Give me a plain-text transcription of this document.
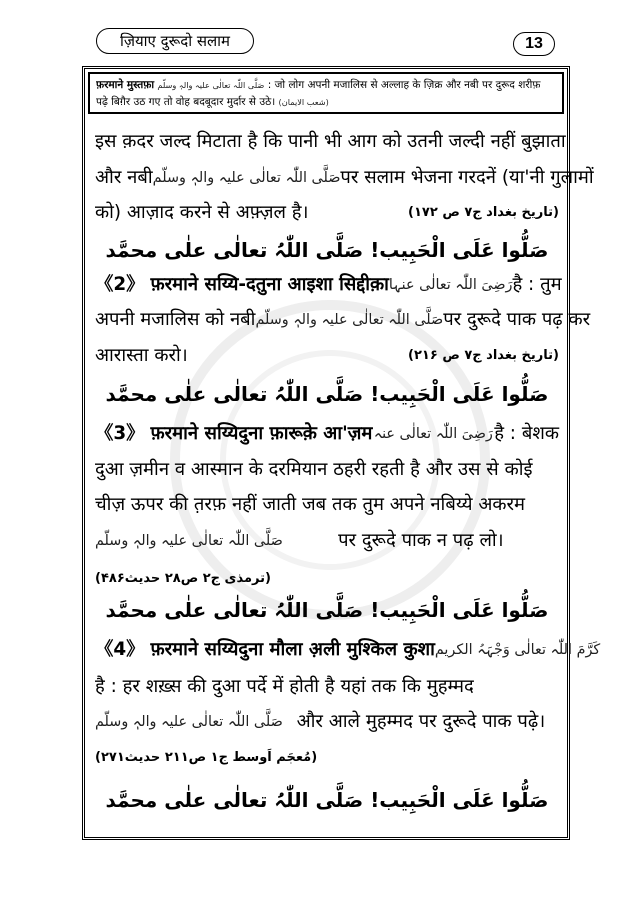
ज़ियाए दुरूदो सलाम	13
फ़रमाने मुस्तफ़ा صَلَّی اللّٰہ تعالٰی علیہ والہٖ وسلّم : जो लोग अपनी मजालिस से अल्लाह के ज़िक्र और नबी पर दुरूद शरीफ़
पढ़े बिग़ैर उठ गए तो वोह बदबूदार मुर्दार से उठे। (شعب الایمان)
इस क़दर जल्द मिटाता है कि पानी भी आग को उतनी जल्दी नहीं बुझाता
और नबी صَلَّی اللّٰہ تعالٰی علیہ والہٖ وسلّم पर सलाम भेजना गरदनें (या'नी गुलामों
को) आज़ाद करने से अफ़्ज़ल है।	(تاریخ بغداد ج۷ ص ۱۷۲)
صَلُّوا عَلَی الْحَبِیب! صَلَّی اللّٰہُ تعالٰی علٰی محمَّد
《2》 फ़रमाने सय्यि-दतुना आइशा सिद्दीक़ा رَضِیَ اللّٰہ تعالٰی عنہا है : तुम
अपनी मजालिस को नबी صَلَّی اللّٰہ تعالٰی علیہ والہٖ وسلّم पर दुरूदे पाक पढ़ कर
आरास्ता करो।	(تاریخ بغداد ج۷ ص ۲۱۶)
صَلُّوا عَلَی الْحَبِیب! صَلَّی اللّٰہُ تعالٰی علٰی محمَّد
《3》 फ़रमाने सय्यिदुना फ़ारूक़े आ'ज़म رَضِیَ اللّٰہ تعالٰی عنہ है : बेशक
दुआ ज़मीन व आस्मान के दरमियान ठहरी रहती है और उस से कोई
चीज़ ऊपर की त़रफ़ नहीं जाती जब तक तुम अपने नबिय्ये अकरम
صَلَّی اللّٰہ تعالٰی علیہ والہٖ وسلّم	पर दुरूदे पाक न पढ़ लो।
(ترمذی ج۲ ص۲۸ حدیث۴۸۶)
صَلُّوا عَلَی الْحَبِیب! صَلَّی اللّٰہُ تعالٰی علٰی محمَّد
《4》 फ़रमाने सय्यिदुना मौला अ़ली मुश्किल कुशा کَرَّمَ اللّٰہ تعالٰی وَجْہَہُ الکریم
है : हर शख़्स की दुआ पर्दे में होती है यहां तक कि मुहम्मद
صَلَّی اللّٰہ تعالٰی علیہ والہٖ وسلّم और आले मुहम्मद पर दुरूदे पाक पढ़े।
(مُعجَم اَوسط ج۱ ص۲۱۱ حدیث۲۷۱)
صَلُّوا عَلَی الْحَبِیب! صَلَّی اللّٰہُ تعالٰی علٰی محمَّد
